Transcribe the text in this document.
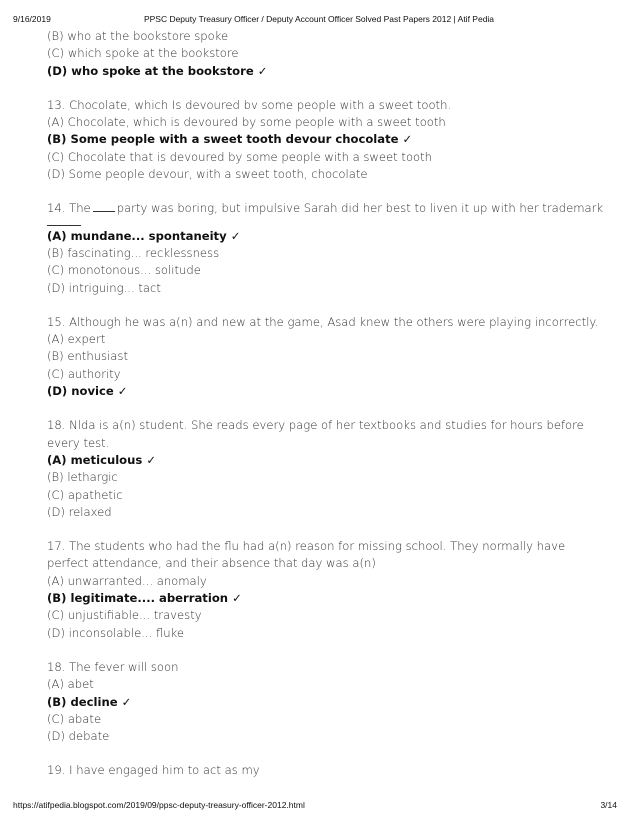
9/16/2019	PPSC Deputy Treasury Officer / Deputy Account Officer Solved Past Papers 2012 | Atif Pedia
(B) who at the bookstore spoke
(C) which spoke at the bookstore
(D) who spoke at the bookstore ✓
13. Chocolate, which Is devoured bv some people with a sweet tooth.
(A) Chocolate, which is devoured by some people with a sweet tooth
(B) Some people with a sweet tooth devour chocolate ✓
(C) Chocolate that is devoured by some people with a sweet tooth
(D) Some people devour, with a sweet tooth, chocolate
14. The party was boring, but impulsive Sarah did her best to liven it up with her trademark
(A) mundane... spontaneity ✓
(B) fascinating... recklessness
(C) monotonous... solitude
(D) intriguing... tact
15. Although he was a(n) and new at the game, Asad knew the others were playing incorrectly.
(A) expert
(B) enthusiast
(C) authority
(D) novice ✓
18. Nlda is a(n) student. She reads every page of her textbooks and studies for hours before every test.
(A) meticulous ✓
(B) lethargic
(C) apathetic
(D) relaxed
17. The students who had the flu had a(n) reason for missing school. They normally have perfect attendance, and their absence that day was a(n)
(A) unwarranted... anomaly
(B) legitimate.... aberration ✓
(C) unjustifiable... travesty
(D) inconsolable... fluke
18. The fever will soon
(A) abet
(B) decline ✓
(C) abate
(D) debate
19. I have engaged him to act as my
https://atifpedia.blogspot.com/2019/09/ppsc-deputy-treasury-officer-2012.html	3/14
